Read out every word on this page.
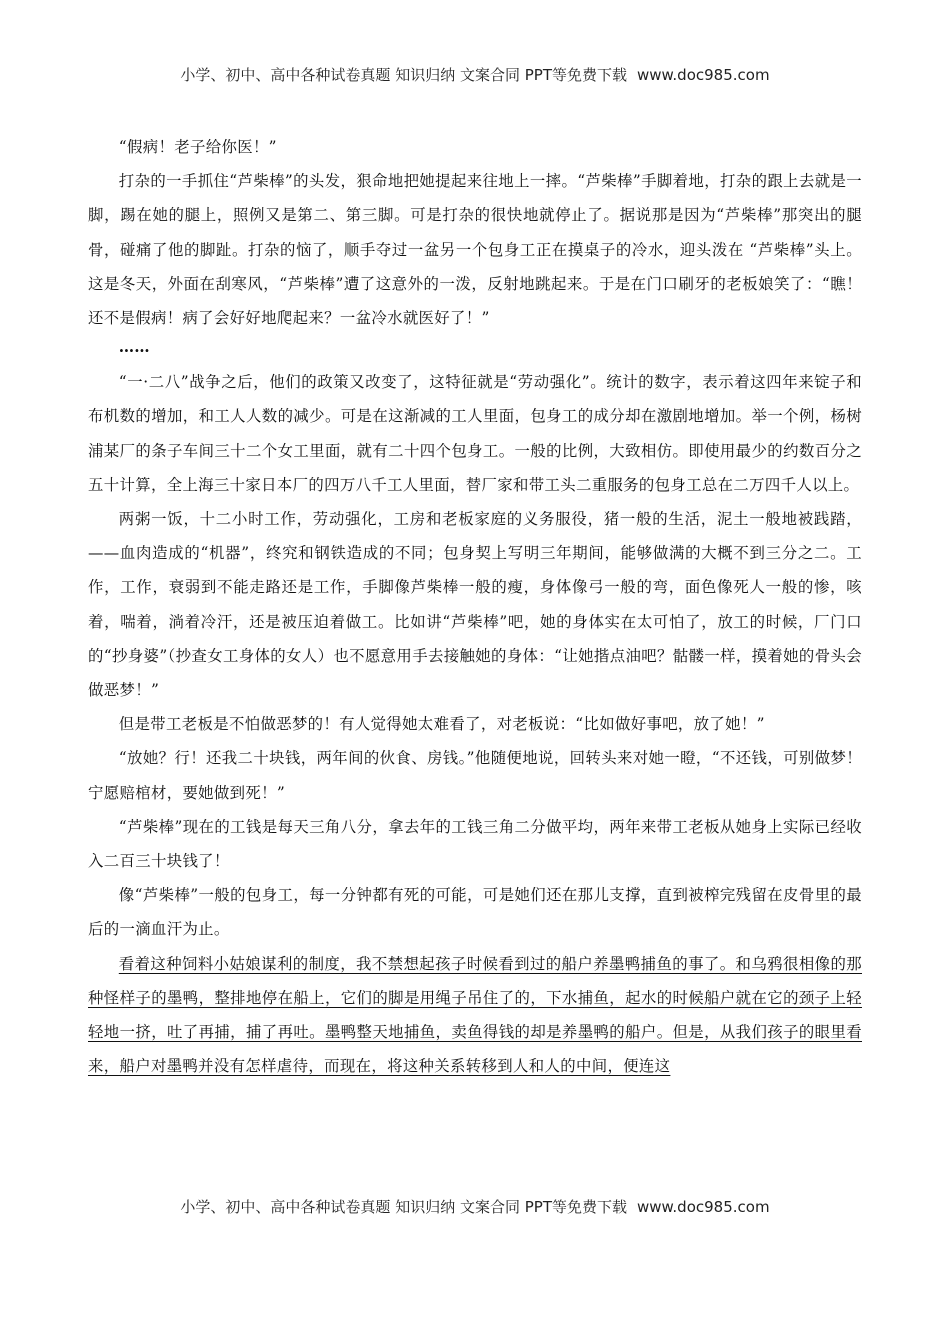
小学、初中、高中各种试卷真题 知识归纳 文案合同 PPT等免费下载 www.doc985.com

“假病！老子给你医！”

打杂的一手抓住“芦柴棒”的头发，狠命地把她提起来往地上一摔。“芦柴棒”手脚着地，打杂的跟上去就是一脚，踢在她的腿上，照例又是第二、第三脚。可是打杂的很快地就停止了。据说那是因为“芦柴棒”那突出的腿骨，碰痛了他的脚趾。打杂的恼了，顺手夺过一盆另一个包身工正在摸桌子的冷水，迎头泼在 “芦柴棒”头上。这是冬天，外面在刮寒风，“芦柴棒”遭了这意外的一泼，反射地跳起来。于是在门口刷牙的老板娘笑了：“瞧！还不是假病！病了会好好地爬起来？一盆冷水就医好了！”

……

“一·二八”战争之后，他们的政策又改变了，这特征就是“劳动强化”。统计的数字，表示着这四年来锭子和布机数的增加，和工人人数的减少。可是在这渐减的工人里面，包身工的成分却在激剧地增加。举一个例，杨树浦某厂的条子车间三十二个女工里面，就有二十四个包身工。一般的比例，大致相仿。即使用最少的约数百分之五十计算，全上海三十家日本厂的四万八千工人里面，替厂家和带工头二重服务的包身工总在二万四千人以上。

两粥一饭，十二小时工作，劳动强化，工房和老板家庭的义务服役，猪一般的生活，泥土一般地被践踏，——血肉造成的“机器”，终究和钢铁造成的不同；包身契上写明三年期间，能够做满的大概不到三分之二。工作，工作，衰弱到不能走路还是工作，手脚像芦柴棒一般的瘦，身体像弓一般的弯，面色像死人一般的惨，咳着，喘着，淌着冷汗，还是被压迫着做工。比如讲“芦柴棒”吧，她的身体实在太可怕了，放工的时候，厂门口的“抄身婆”（抄查女工身体的女人）也不愿意用手去接触她的身体：“让她揩点油吧？骷髅一样，摸着她的骨头会做恶梦！”

但是带工老板是不怕做恶梦的！有人觉得她太难看了，对老板说：“比如做好事吧，放了她！”

“放她？行！还我二十块钱，两年间的伙食、房钱。”他随便地说，回转头来对她一瞪，“不还钱，可别做梦！宁愿赔棺材，要她做到死！”

“芦柴棒”现在的工钱是每天三角八分，拿去年的工钱三角二分做平均，两年来带工老板从她身上实际已经收入二百三十块钱了！

像“芦柴棒”一般的包身工，每一分钟都有死的可能，可是她们还在那儿支撑，直到被榨完残留在皮骨里的最后的一滴血汗为止。

看着这种饲料小姑娘谋利的制度，我不禁想起孩子时候看到过的船户养墨鸭捕鱼的事了。和乌鸦很相像的那种怪样子的墨鸭，整排地停在船上，它们的脚是用绳子吊住了的，下水捕鱼，起水的时候船户就在它的颈子上轻轻地一挤，吐了再捕，捕了再吐。墨鸭整天地捕鱼，卖鱼得钱的却是养墨鸭的船户。但是，从我们孩子的眼里看来，船户对墨鸭并没有怎样虐待，而现在，将这种关系转移到人和人的中间，便连这

小学、初中、高中各种试卷真题 知识归纳 文案合同 PPT等免费下载 www.doc985.com
